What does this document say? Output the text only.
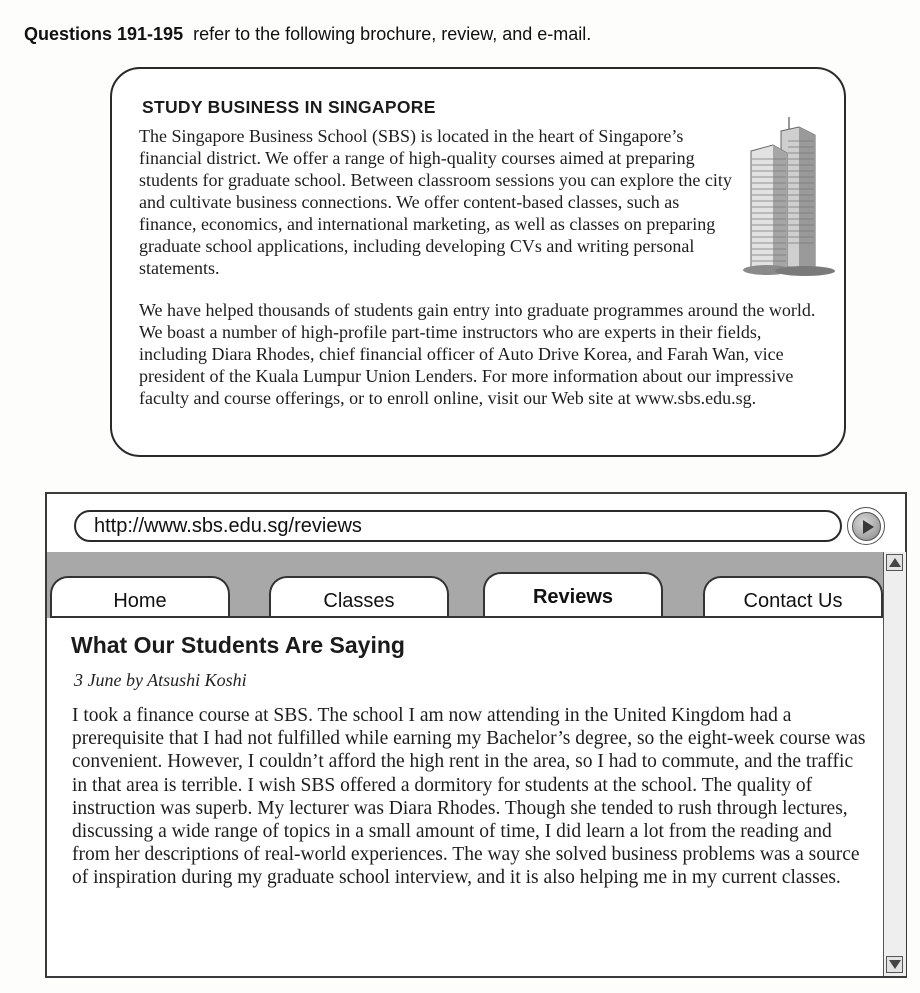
Questions 191-195 refer to the following brochure, review, and e-mail.
STUDY BUSINESS IN SINGAPORE
The Singapore Business School (SBS) is located in the heart of Singapore’s financial district. We offer a range of high-quality courses aimed at preparing students for graduate school. Between classroom sessions you can explore the city and cultivate business connections. We offer content-based classes, such as finance, economics, and international marketing, as well as classes on preparing graduate school applications, including developing CVs and writing personal statements.

We have helped thousands of students gain entry into graduate programmes around the world. We boast a number of high-profile part-time instructors who are experts in their fields, including Diara Rhodes, chief financial officer of Auto Drive Korea, and Farah Wan, vice president of the Kuala Lumpur Union Lenders. For more information about our impressive faculty and course offerings, or to enroll online, visit our Web site at www.sbs.edu.sg.

http://www.sbs.edu.sg/reviews
Home	Classes	Reviews	Contact Us
What Our Students Are Saying
3 June by Atsushi Koshi

I took a finance course at SBS. The school I am now attending in the United Kingdom had a prerequisite that I had not fulfilled while earning my Bachelor’s degree, so the eight-week course was convenient. However, I couldn’t afford the high rent in the area, so I had to commute, and the traffic in that area is terrible. I wish SBS offered a dormitory for students at the school. The quality of instruction was superb. My lecturer was Diara Rhodes. Though she tended to rush through lectures, discussing a wide range of topics in a small amount of time, I did learn a lot from the reading and from her descriptions of real-world experiences. The way she solved business problems was a source of inspiration during my graduate school interview, and it is also helping me in my current classes.
